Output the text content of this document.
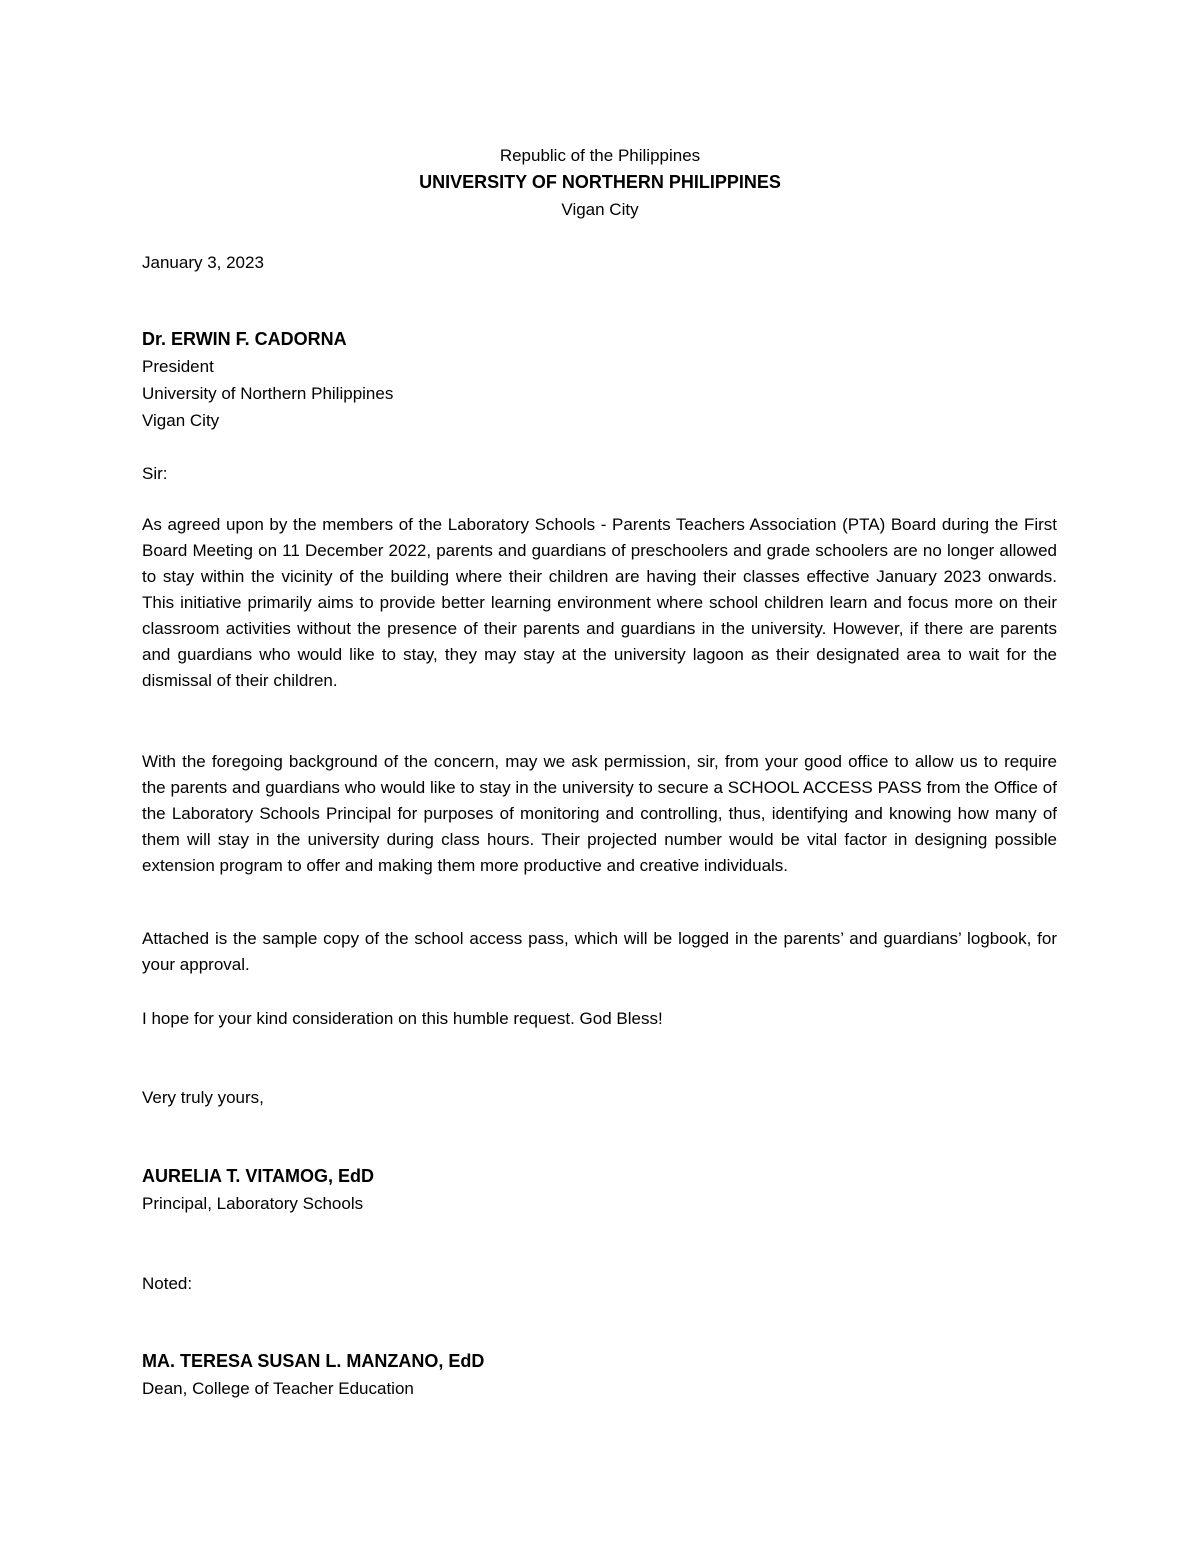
Republic of the Philippines
UNIVERSITY OF NORTHERN PHILIPPINES
Vigan City

January 3, 2023

Dr. ERWIN F. CADORNA
President
University of Northern Philippines
Vigan City

Sir:

As agreed upon by the members of the Laboratory Schools - Parents Teachers Association (PTA) Board during the First Board Meeting on 11 December 2022, parents and guardians of preschoolers and grade schoolers are no longer allowed to stay within the vicinity of the building where their children are having their classes effective January 2023 onwards. This initiative primarily aims to provide better learning environment where school children learn and focus more on their classroom activities without the presence of their parents and guardians in the university. However, if there are parents and guardians who would like to stay, they may stay at the university lagoon as their designated area to wait for the dismissal of their children.

With the foregoing background of the concern, may we ask permission, sir, from your good office to allow us to require the parents and guardians who would like to stay in the university to secure a SCHOOL ACCESS PASS from the Office of the Laboratory Schools Principal for purposes of monitoring and controlling, thus, identifying and knowing how many of them will stay in the university during class hours. Their projected number would be vital factor in designing possible extension program to offer and making them more productive and creative individuals.

Attached is the sample copy of the school access pass, which will be logged in the parents’ and guardians’ logbook, for your approval.

I hope for your kind consideration on this humble request. God Bless!

Very truly yours,

AURELIA T. VITAMOG, EdD
Principal, Laboratory Schools

Noted:

MA. TERESA SUSAN L. MANZANO, EdD
Dean, College of Teacher Education
